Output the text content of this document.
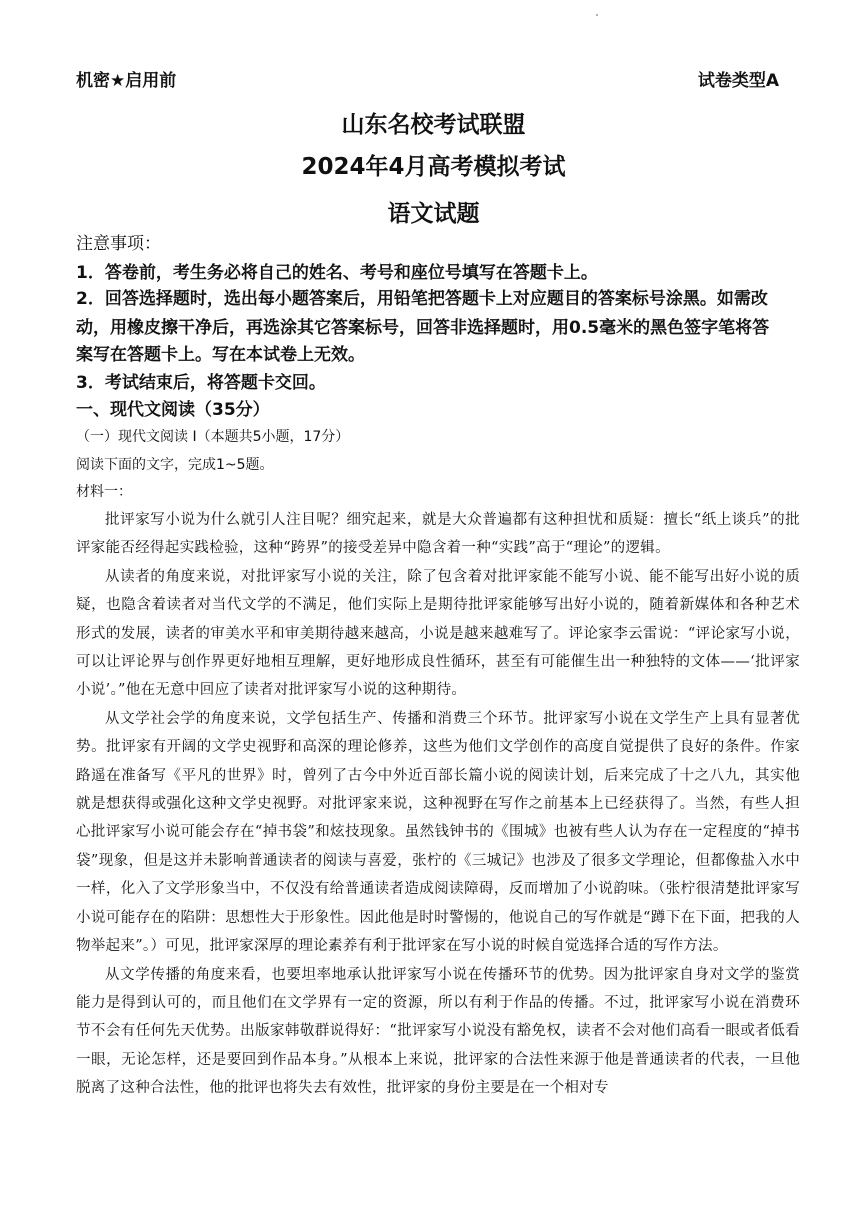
机密★启用前	试卷类型A
山东名校考试联盟
2024年4月高考模拟考试
语文试题
注意事项：
1．答卷前，考生务必将自己的姓名、考号和座位号填写在答题卡上。
2．回答选择题时，选出每小题答案后，用铅笔把答题卡上对应题目的答案标号涂黑。如需改
动，用橡皮擦干净后，再选涂其它答案标号，回答非选择题时，用0.5毫米的黑色签字笔将答
案写在答题卡上。写在本试卷上无效。
3．考试结束后，将答题卡交回。
一、现代文阅读（35分）
（一）现代文阅读 I（本题共5小题，17分）
阅读下面的文字，完成1~5题。
材料一：

批评家写小说为什么就引人注目呢？细究起来，就是大众普遍都有这种担忧和质疑：擅长“纸上谈兵”的批评家能否经得起实践检验，这种“跨界”的接受差异中隐含着一种“实践”高于“理论”的逻辑。

从读者的角度来说，对批评家写小说的关注，除了包含着对批评家能不能写小说、能不能写出好小说的质疑，也隐含着读者对当代文学的不满足，他们实际上是期待批评家能够写出好小说的，随着新媒体和各种艺术形式的发展，读者的审美水平和审美期待越来越高，小说是越来越难写了。评论家李云雷说：“评论家写小说，可以让评论界与创作界更好地相互理解，更好地形成良性循环，甚至有可能催生出一种独特的文体——‘批评家小说’。”他在无意中回应了读者对批评家写小说的这种期待。

从文学社会学的角度来说，文学包括生产、传播和消费三个环节。批评家写小说在文学生产上具有显著优势。批评家有开阔的文学史视野和高深的理论修养，这些为他们文学创作的高度自觉提供了良好的条件。作家路遥在准备写《平凡的世界》时，曾列了古今中外近百部长篇小说的阅读计划，后来完成了十之八九，其实他就是想获得或强化这种文学史视野。对批评家来说，这种视野在写作之前基本上已经获得了。当然，有些人担心批评家写小说可能会存在“掉书袋”和炫技现象。虽然钱钟书的《围城》也被有些人认为存在一定程度的“掉书袋”现象，但是这并未影响普通读者的阅读与喜爱，张柠的《三城记》也涉及了很多文学理论，但都像盐入水中一样，化入了文学形象当中，不仅没有给普通读者造成阅读障碍，反而增加了小说韵味。（张柠很清楚批评家写小说可能存在的陷阱：思想性大于形象性。因此他是时时警惕的，他说自己的写作就是“蹲下在下面，把我的人物举起来”。）可见，批评家深厚的理论素养有利于批评家在写小说的时候自觉选择合适的写作方法。

从文学传播的角度来看，也要坦率地承认批评家写小说在传播环节的优势。因为批评家自身对文学的鉴赏能力是得到认可的，而且他们在文学界有一定的资源，所以有利于作品的传播。不过，批评家写小说在消费环节不会有任何先天优势。出版家韩敬群说得好：“批评家写小说没有豁免权，读者不会对他们高看一眼或者低看一眼，无论怎样，还是要回到作品本身。”从根本上来说，批评家的合法性来源于他是普通读者的代表，一旦他脱离了这种合法性，他的批评也将失去有效性，批评家的身份主要是在一个相对专
